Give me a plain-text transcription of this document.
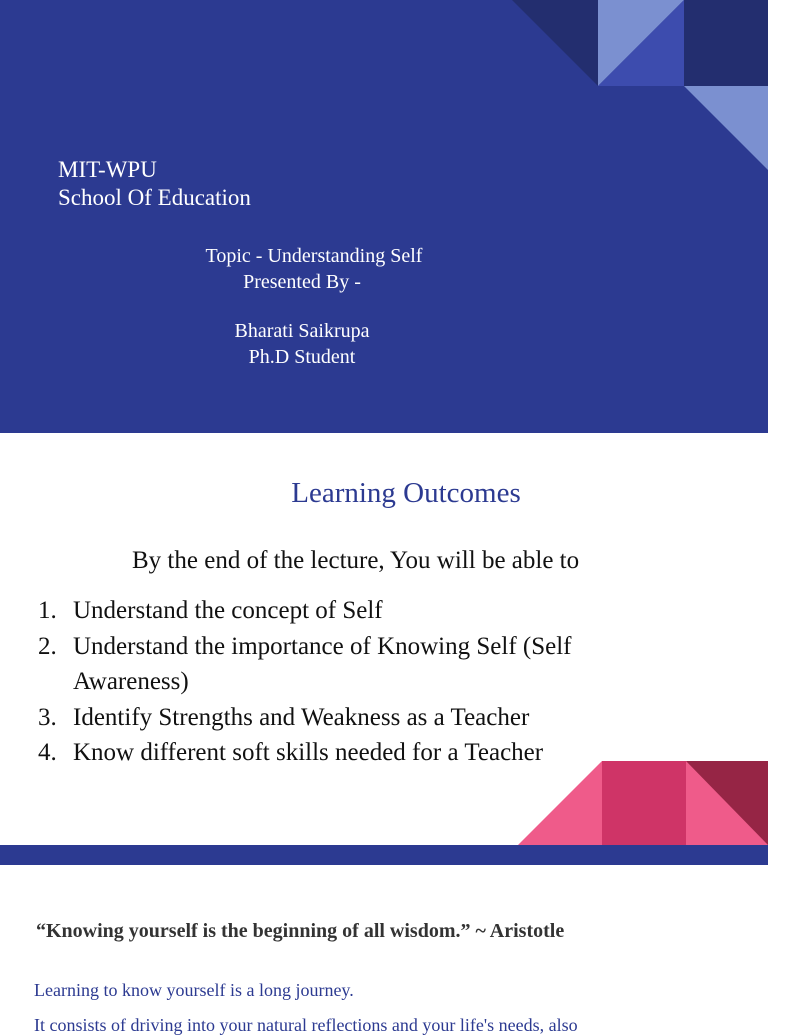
MIT-WPU
School Of Education
Topic - Understanding Self
Presented By -
Bharati Saikrupa
Ph.D Student
Learning Outcomes
By the end of the lecture, You will be able to
1. Understand the concept of Self
2. Understand the importance of Knowing Self (Self Awareness)
3. Identify Strengths and Weakness as a Teacher
4. Know different soft skills needed for a Teacher
“Knowing yourself is the beginning of all wisdom.” ~ Aristotle
Learning to know yourself is a long journey.
It consists of driving into your natural reflections and your life's needs, also
